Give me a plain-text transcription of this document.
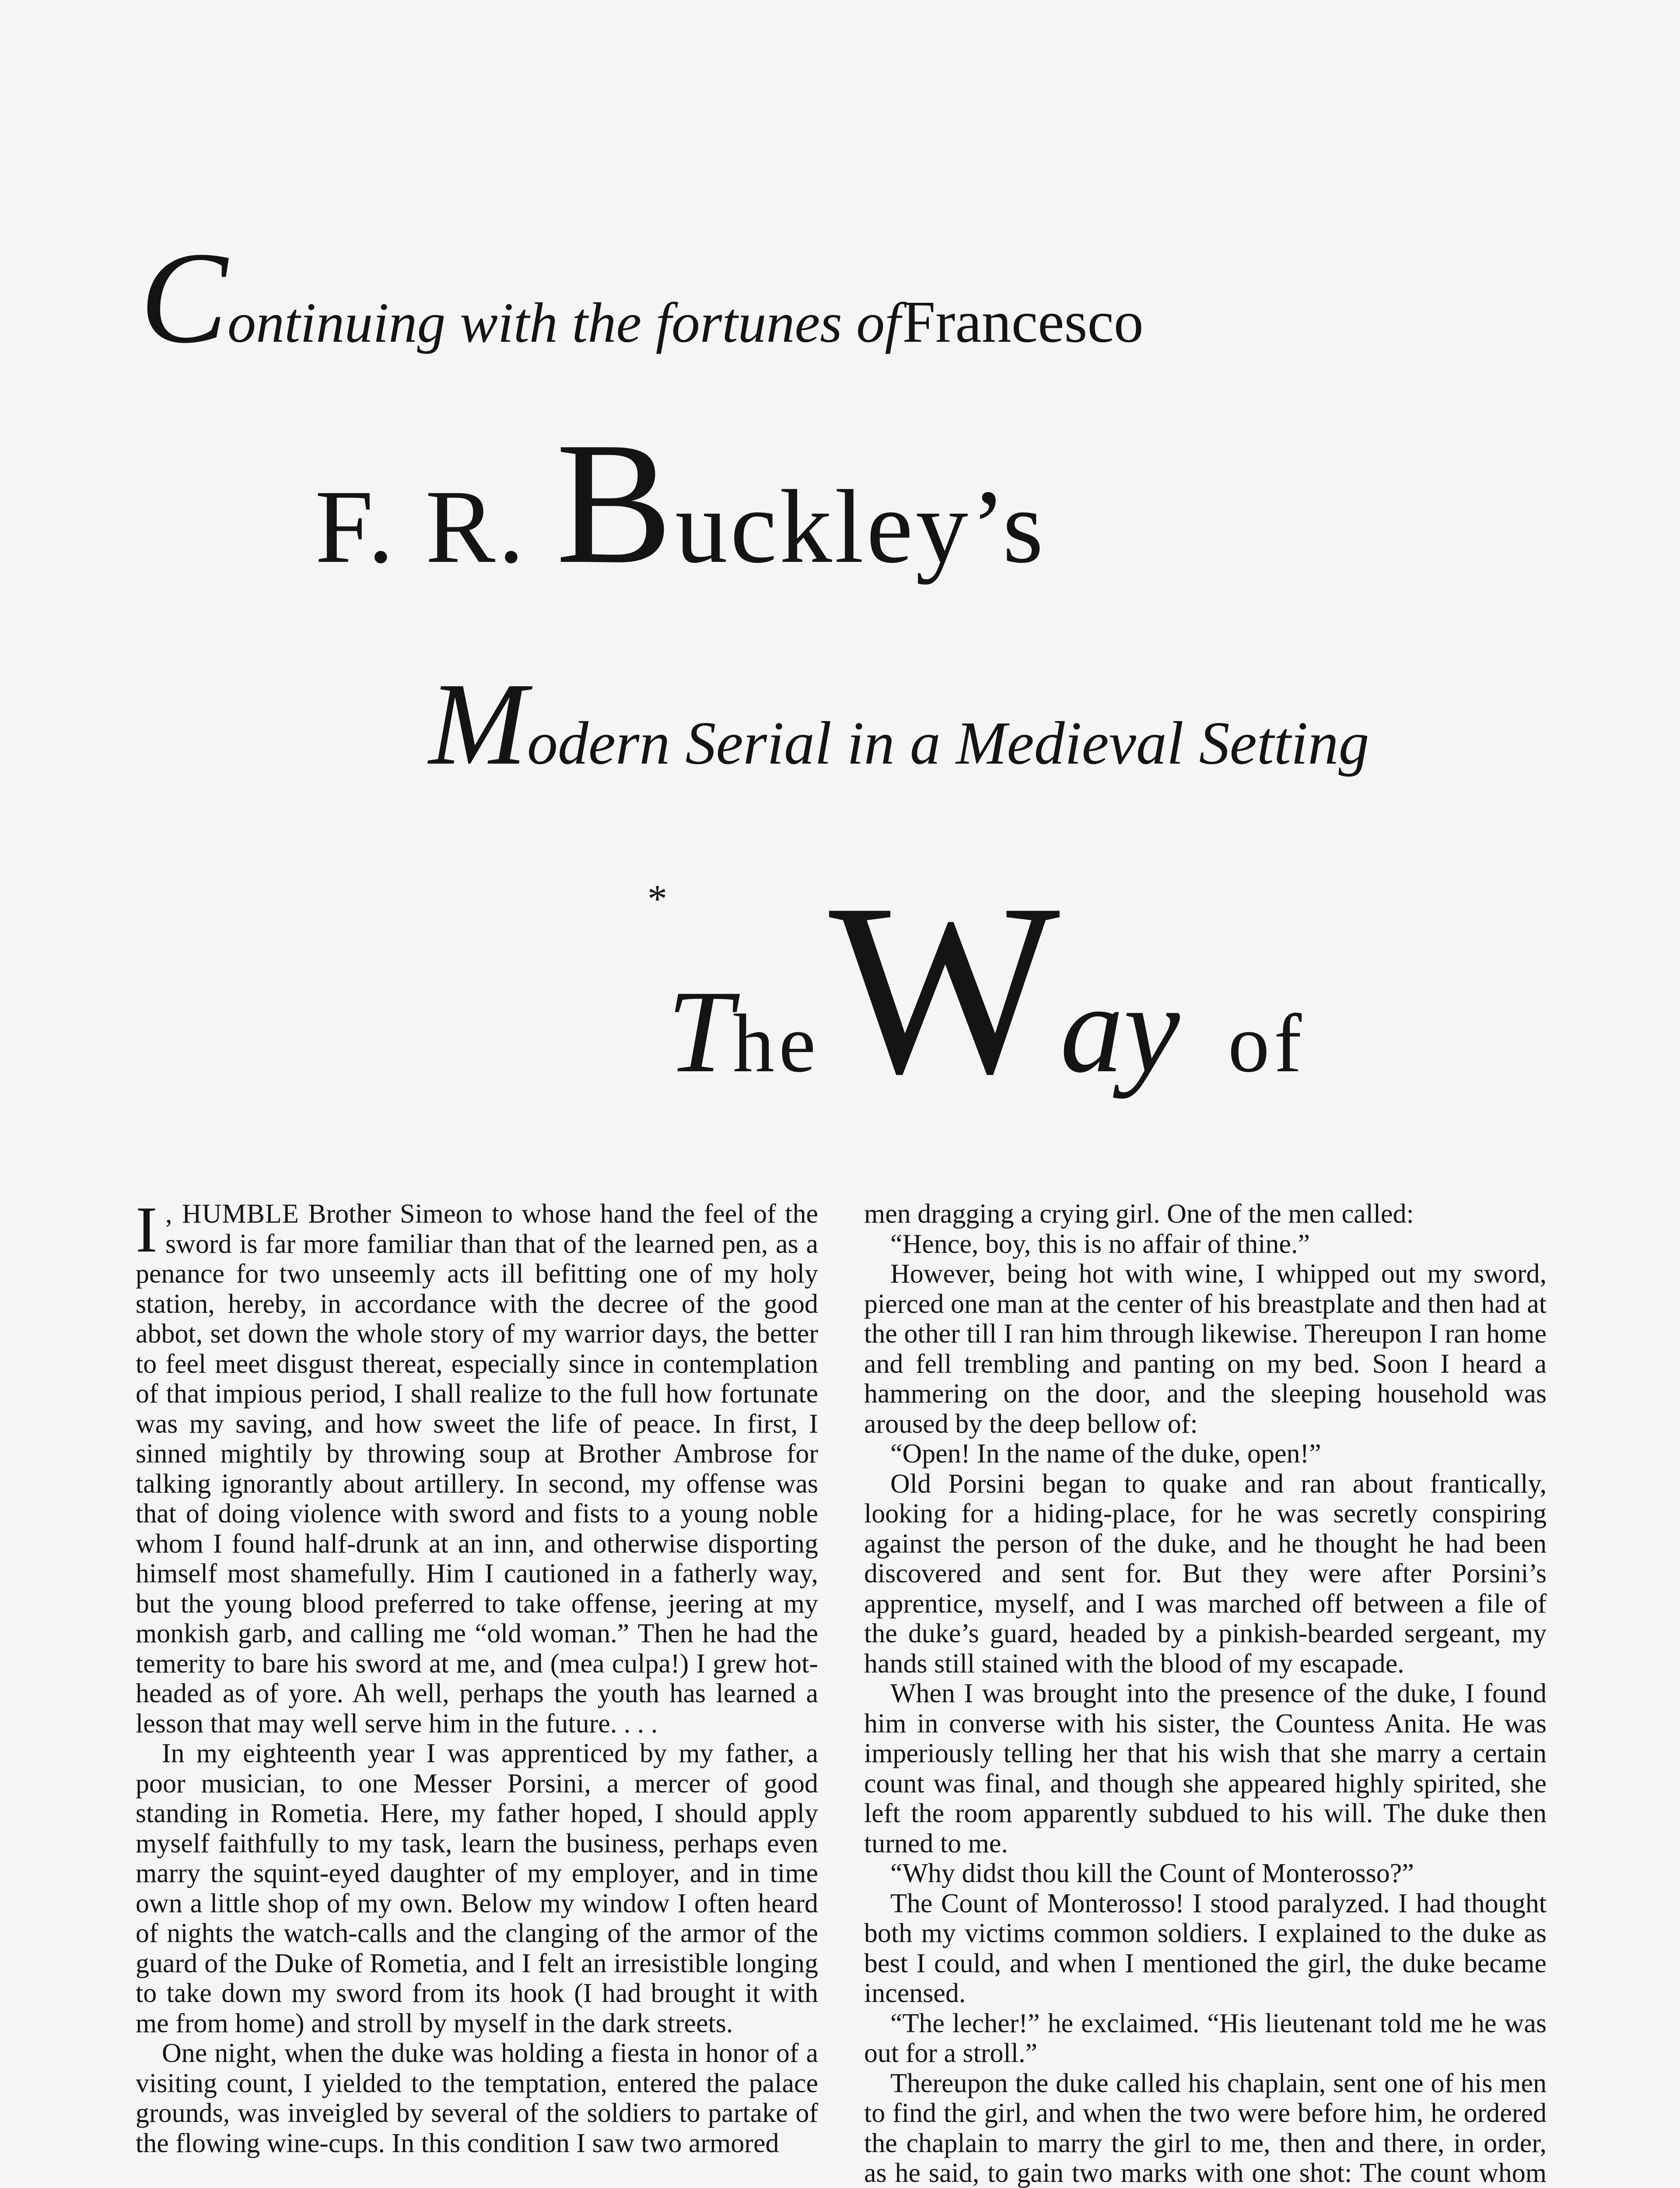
Continuing with the fortunes of Francesco
F. R. Buckley’s
Modern Serial in a Medieval Setting
*TheWay of

I , HUMBLE Brother Simeon to whose hand the feel of the sword is far more familiar than that of the learned pen, as a penance for two unseemly acts ill befitting one of my holy station, hereby, in accordance with the decree of the good abbot, set down the whole story of my warrior days, the better to feel meet disgust thereat, especially since in contemplation of that impious period, I shall realize to the full how fortunate was my saving, and how sweet the life of peace. In first, I sinned mightily by throwing soup at Brother Ambrose for talking ignorantly about artillery. In second, my offense was that of doing violence with sword and fists to a young noble whom I found half-drunk at an inn, and otherwise disporting himself most shamefully. Him I cautioned in a fatherly way, but the young blood preferred to take offense, jeering at my monkish garb, and calling me “old woman.” Then he had the temerity to bare his sword at me, and (mea culpa!) I grew hot-headed as of yore. Ah well, perhaps the youth has learned a lesson that may well serve him in the future. . . .

In my eighteenth year I was apprenticed by my father, a poor musician, to one Messer Porsini, a mercer of good standing in Rometia. Here, my father hoped, I should apply myself faithfully to my task, learn the business, perhaps even marry the squint-eyed daughter of my employer, and in time own a little shop of my own. Below my window I often heard of nights the watch-calls and the clanging of the armor of the guard of the Duke of Rometia, and I felt an irresistible longing to take down my sword from its hook (I had brought it with me from home) and stroll by myself in the dark streets.

One night, when the duke was holding a fiesta in honor of a visiting count, I yielded to the temptation, entered the palace grounds, was inveigled by several of the soldiers to partake of the flowing wine-cups. In this condition I saw two armored

men dragging a crying girl. One of the men called:

“Hence, boy, this is no affair of thine.”

However, being hot with wine, I whipped out my sword, pierced one man at the center of his breastplate and then had at the other till I ran him through likewise. Thereupon I ran home and fell trembling and panting on my bed. Soon I heard a hammering on the door, and the sleeping household was aroused by the deep bellow of:

“Open! In the name of the duke, open!”

Old Porsini began to quake and ran about frantically, looking for a hiding-place, for he was secretly conspiring against the person of the duke, and he thought he had been discovered and sent for. But they were after Porsini’s apprentice, myself, and I was marched off between a file of the duke’s guard, headed by a pinkish-bearded sergeant, my hands still stained with the blood of my escapade.

When I was brought into the presence of the duke, I found him in converse with his sister, the Countess Anita. He was imperiously telling her that his wish that she marry a certain count was final, and though she appeared highly spirited, she left the room apparently subdued to his will. The duke then turned to me.

“Why didst thou kill the Count of Monterosso?”

The Count of Monterosso! I stood paralyzed. I had thought both my victims common soldiers. I explained to the duke as best I could, and when I mentioned the girl, the duke became incensed.

“The lecher!” he exclaimed. “His lieutenant told me he was out for a stroll.”

Thereupon the duke called his chaplain, sent one of his men to find the girl, and when the two were before him, he ordered the chaplain to marry the girl to me, then and there, in order, as he said, to gain two marks with one shot: The count whom
